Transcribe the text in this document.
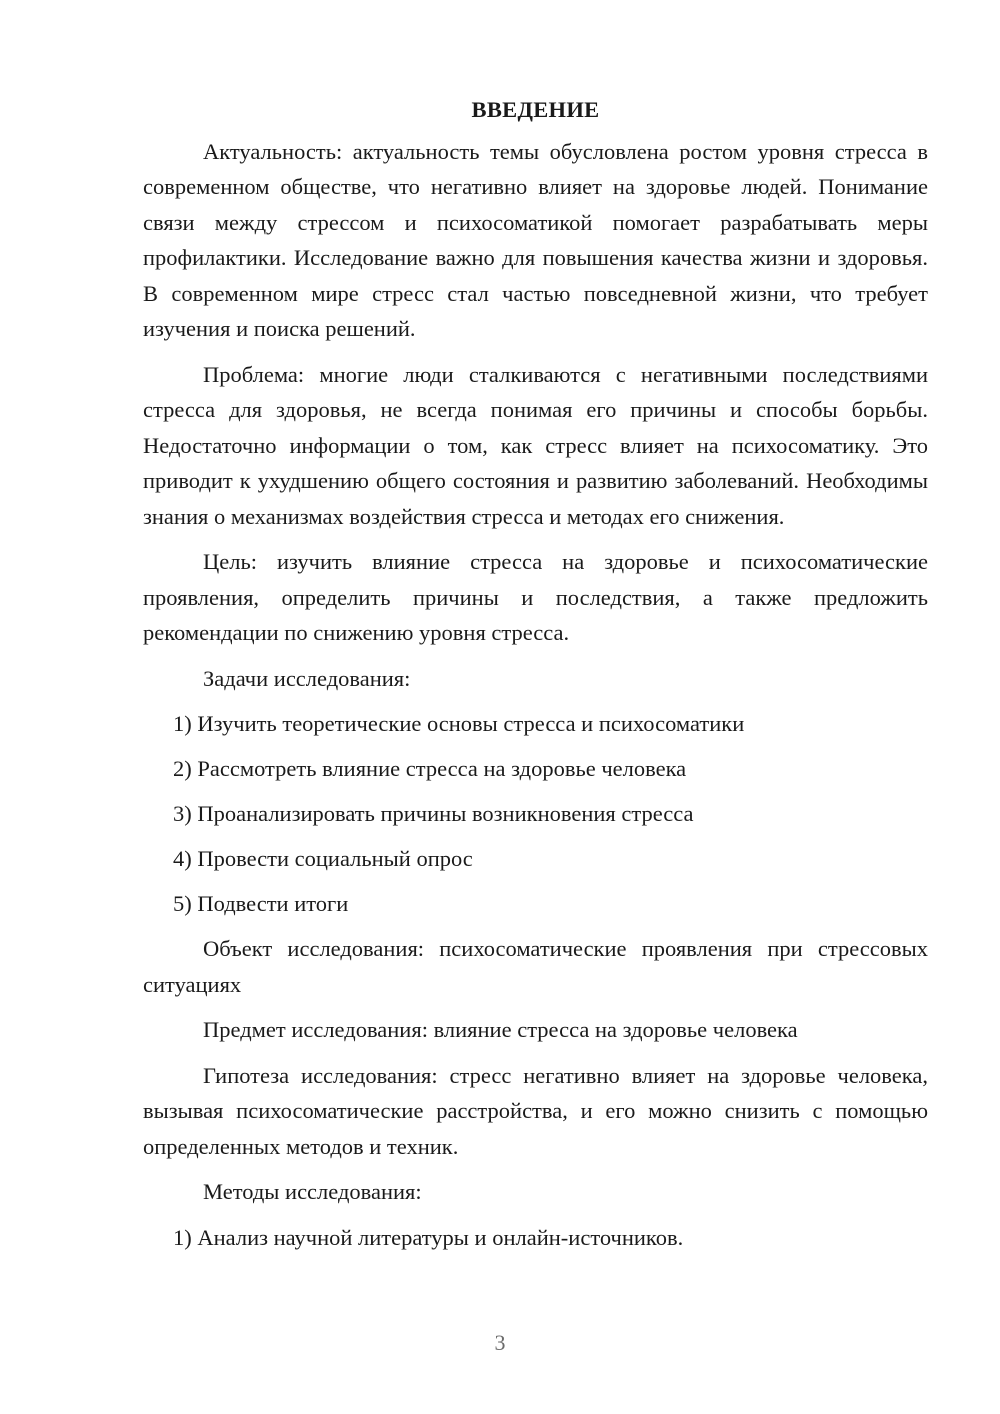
ВВЕДЕНИЕ

Актуальность: актуальность темы обусловлена ростом уровня стресса в современном обществе, что негативно влияет на здоровье людей. Понимание связи между стрессом и психосоматикой помогает разрабатывать меры профилактики. Исследование важно для повышения качества жизни и здоровья. В современном мире стресс стал частью повседневной жизни, что требует изучения и поиска решений.

Проблема: многие люди сталкиваются с негативными последствиями стресса для здоровья, не всегда понимая его причины и способы борьбы. Недостаточно информации о том, как стресс влияет на психосоматику. Это приводит к ухудшению общего состояния и развитию заболеваний. Необходимы знания о механизмах воздействия стресса и методах его снижения.

Цель: изучить влияние стресса на здоровье и психосоматические проявления, определить причины и последствия, а также предложить рекомендации по снижению уровня стресса.

Задачи исследования:

1) Изучить теоретические основы стресса и психосоматики
2) Рассмотреть влияние стресса на здоровье человека
3) Проанализировать причины возникновения стресса
4) Провести социальный опрос
5) Подвести итоги

Объект исследования: психосоматические проявления при стрессовых ситуациях

Предмет исследования: влияние стресса на здоровье человека

Гипотеза исследования: стресс негативно влияет на здоровье человека, вызывая психосоматические расстройства, и его можно снизить с помощью определенных методов и техник.

Методы исследования:

1) Анализ научной литературы и онлайн-источников.
3
